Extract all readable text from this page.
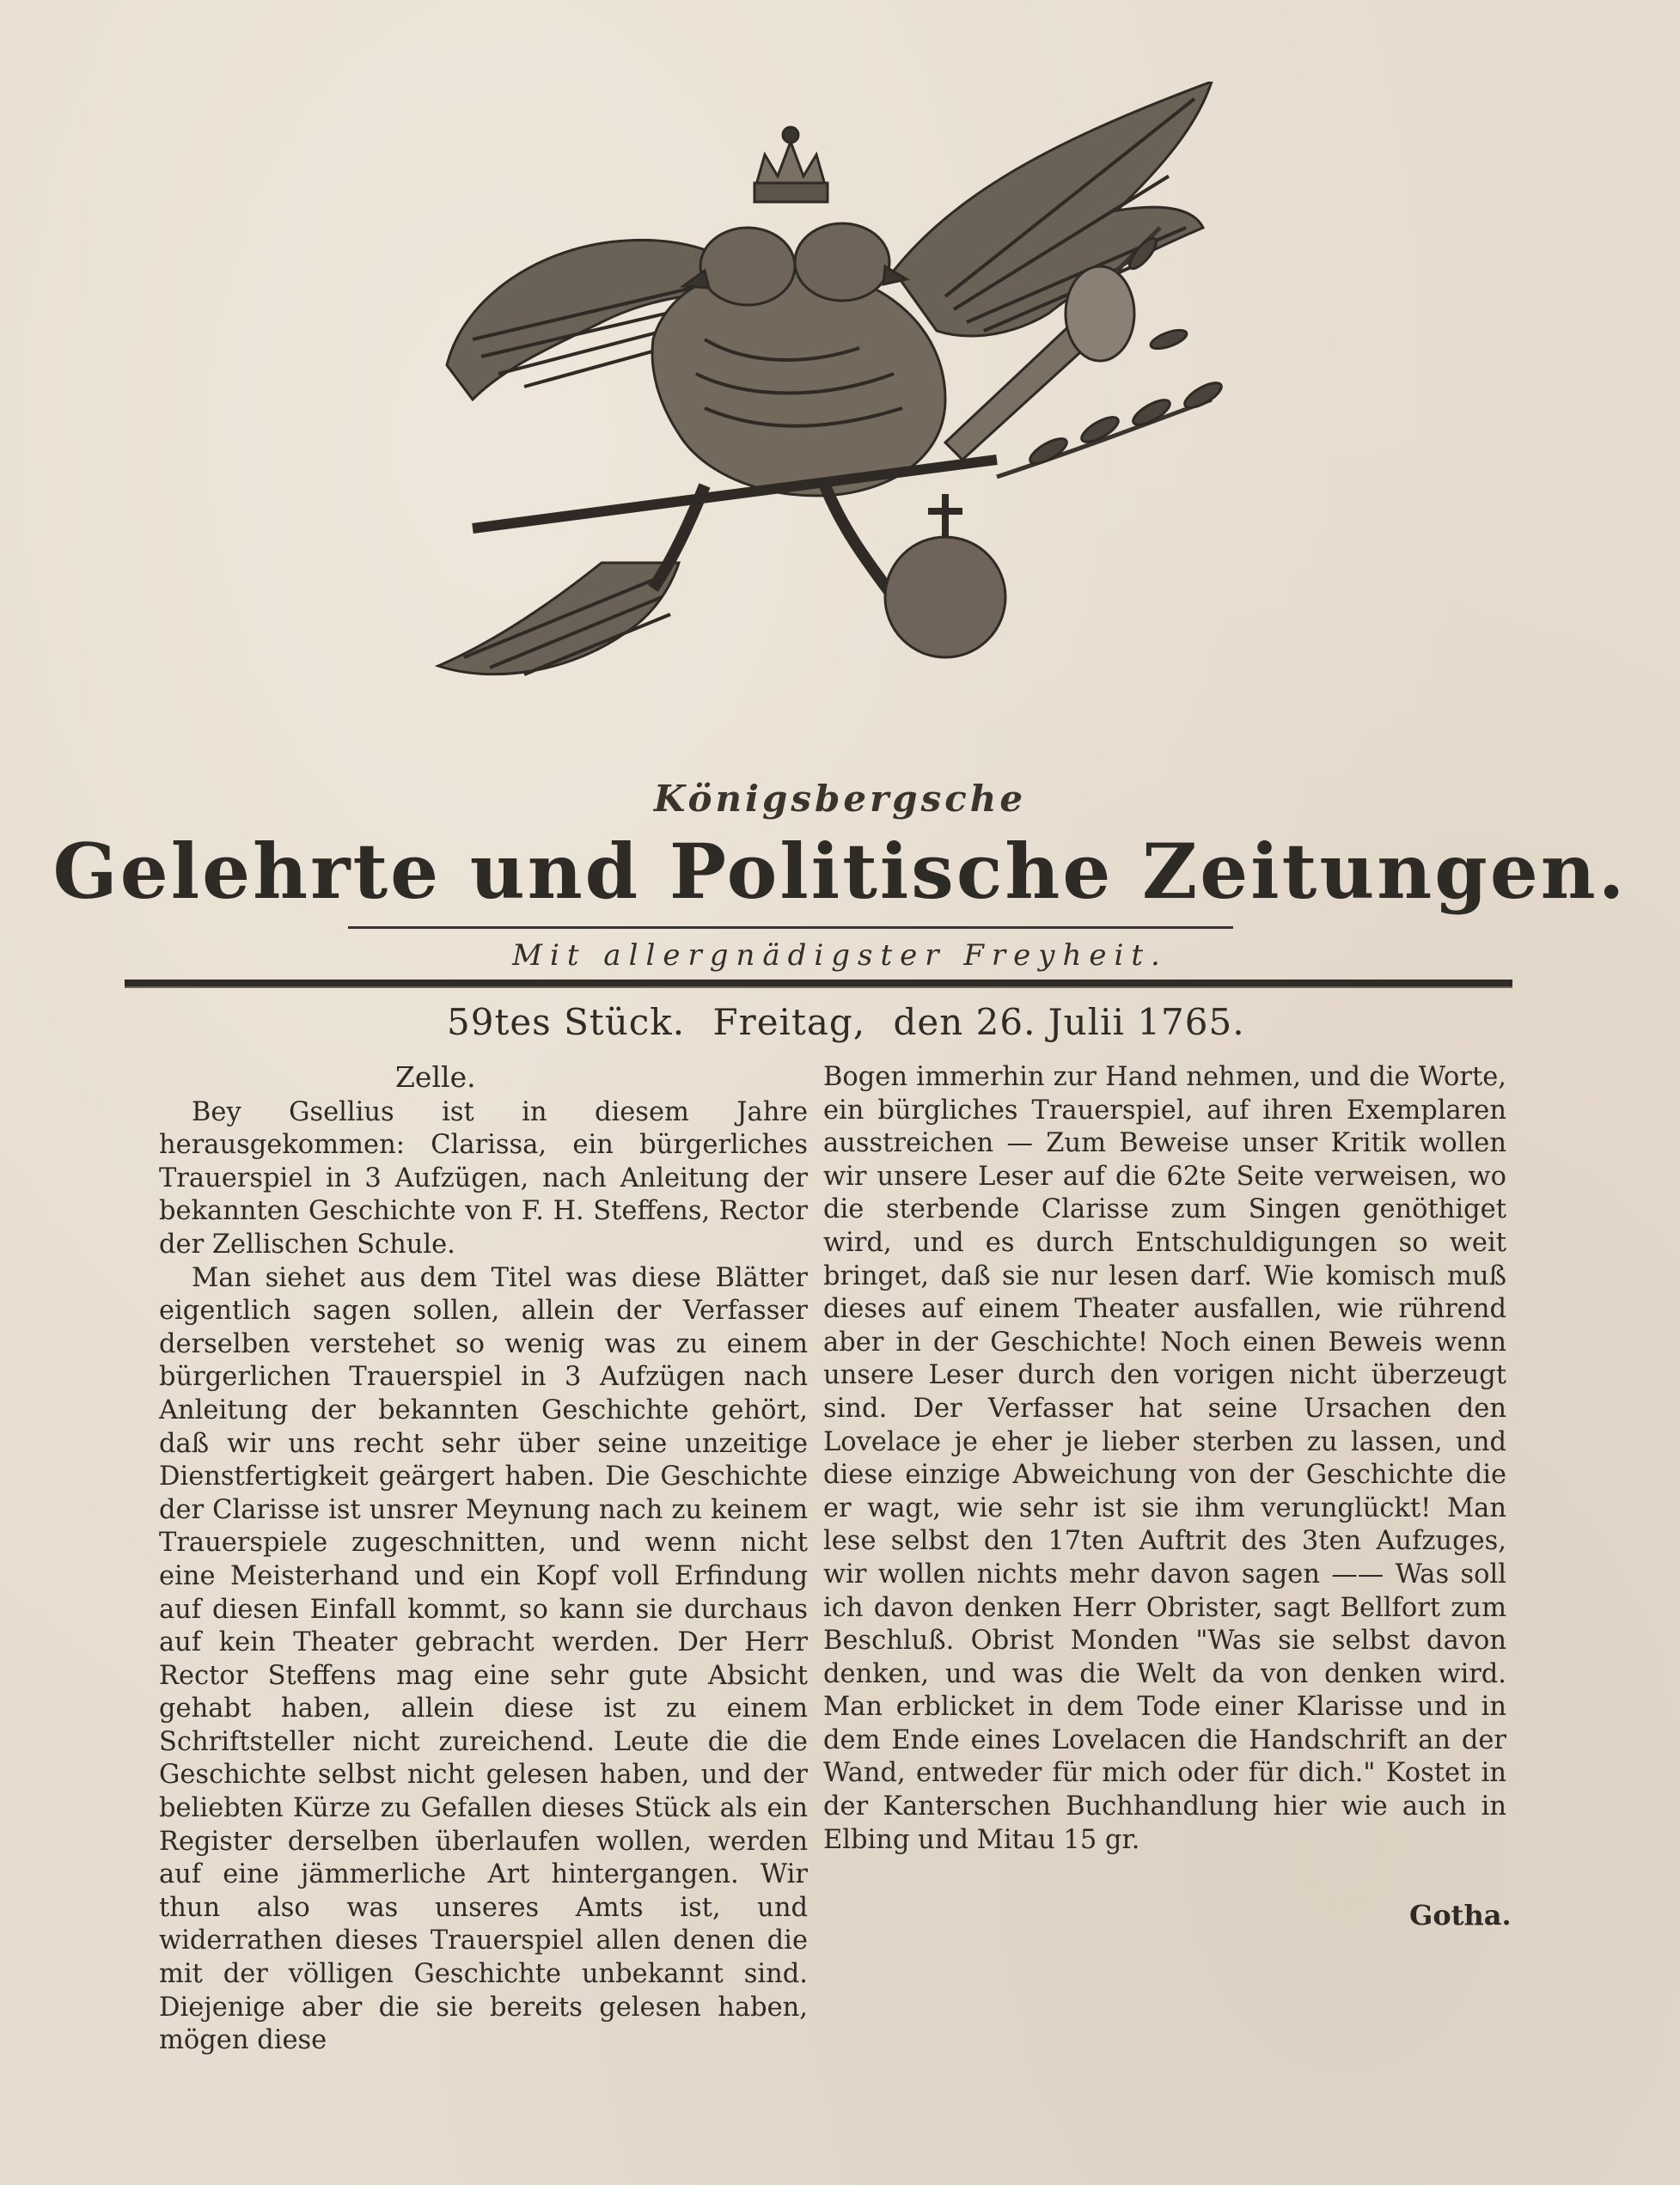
Königsbergsche
Gelehrte und Politische Zeitungen.
Mit allergnädigster Freyheit.
59tes Stück. Freitag, den 26. Julii 1765.

Zelle.

Bey Gsellius ist in diesem Jahre herausgekommen: Clarissa, ein bürgerliches Trauerspiel in 3 Aufzügen, nach Anleitung der bekannten Geschichte von F. H. Steffens, Rector der Zellischen Schule.

Man siehet aus dem Titel was diese Blätter eigentlich sagen sollen, allein der Verfasser derselben verstehet so wenig was zu einem bürgerlichen Trauerspiel in 3 Aufzügen nach Anleitung der bekannten Geschichte gehört, daß wir uns recht sehr über seine unzeitige Dienstfertigkeit geärgert haben. Die Geschichte der Clarisse ist unsrer Meynung nach zu keinem Trauerspiele zugeschnitten, und wenn nicht eine Meisterhand und ein Kopf voll Erfindung auf diesen Einfall kommt, so kann sie durchaus auf kein Theater gebracht werden. Der Herr Rector Steffens mag eine sehr gute Absicht gehabt haben, allein diese ist zu einem Schriftsteller nicht zureichend. Leute die die Geschichte selbst nicht gelesen haben, und der beliebten Kürze zu Gefallen dieses Stück als ein Register derselben überlaufen wollen, werden auf eine jämmerliche Art hintergangen. Wir thun also was unseres Amts ist, und widerrathen dieses Trauerspiel allen denen die mit der völligen Geschichte unbekannt sind. Diejenige aber die sie bereits gelesen haben, mögen diese

Bogen immerhin zur Hand nehmen, und die Worte, ein bürgliches Trauerspiel, auf ihren Exemplaren ausstreichen — Zum Beweise unser Kritik wollen wir unsere Leser auf die 62te Seite verweisen, wo die sterbende Clarisse zum Singen genöthiget wird, und es durch Entschuldigungen so weit bringet, daß sie nur lesen darf. Wie komisch muß dieses auf einem Theater ausfallen, wie rührend aber in der Geschichte! Noch einen Beweis wenn unsere Leser durch den vorigen nicht überzeugt sind. Der Verfasser hat seine Ursachen den Lovelace je eher je lieber sterben zu lassen, und diese einzige Abweichung von der Geschichte die er wagt, wie sehr ist sie ihm verunglückt! Man lese selbst den 17ten Auftrit des 3ten Aufzuges, wir wollen nichts mehr davon sagen —— Was soll ich davon denken Herr Obrister, sagt Bellfort zum Beschluß. Obrist Monden "Was sie selbst davon denken, und was die Welt da von denken wird. Man erblicket in dem Tode einer Klarisse und in dem Ende eines Lovelacen die Handschrift an der Wand, entweder für mich oder für dich." Kostet in der Kanterschen Buchhandlung hier wie auch in Elbing und Mitau 15 gr.

Gotha.
